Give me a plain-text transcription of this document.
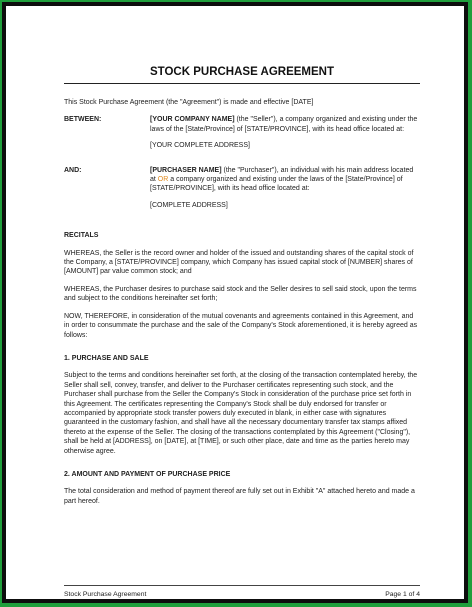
STOCK PURCHASE AGREEMENT
This Stock Purchase Agreement (the "Agreement") is made and effective [DATE]
BETWEEN:	[YOUR COMPANY NAME] (the "Seller"), a company organized and existing under the laws of the [State/Province] of [STATE/PROVINCE], with its head office located at:
[YOUR COMPLETE ADDRESS]
AND:	[PURCHASER NAME] (the "Purchaser"), an individual with his main address located at OR a company organized and existing under the laws of the [State/Province] of [STATE/PROVINCE], with its head office located at:
[COMPLETE ADDRESS]
RECITALS
WHEREAS, the Seller is the record owner and holder of the issued and outstanding shares of the capital stock of the Company, a [STATE/PROVINCE] company, which Company has issued capital stock of [NUMBER] shares of [AMOUNT] par value common stock; and
WHEREAS, the Purchaser desires to purchase said stock and the Seller desires to sell said stock, upon the terms and subject to the conditions hereinafter set forth;
NOW, THEREFORE, in consideration of the mutual covenants and agreements contained in this Agreement, and in order to consummate the purchase and the sale of the Company's Stock aforementioned, it is hereby agreed as follows:
1. PURCHASE AND SALE
Subject to the terms and conditions hereinafter set forth, at the closing of the transaction contemplated hereby, the Seller shall sell, convey, transfer, and deliver to the Purchaser certificates representing such stock, and the Purchaser shall purchase from the Seller the Company's Stock in consideration of the purchase price set forth in this Agreement. The certificates representing the Company's Stock shall be duly endorsed for transfer or accompanied by appropriate stock transfer powers duly executed in blank, in either case with signatures guaranteed in the customary fashion, and shall have all the necessary documentary transfer tax stamps affixed thereto at the expense of the Seller. The closing of the transactions contemplated by this Agreement ("Closing"), shall be held at [ADDRESS], on [DATE], at [TIME], or such other place, date and time as the parties hereto may otherwise agree.
2. AMOUNT AND PAYMENT OF PURCHASE PRICE
The total consideration and method of payment thereof are fully set out in Exhibit "A" attached hereto and made a part hereof.
Stock Purchase Agreement	Page 1 of 4
